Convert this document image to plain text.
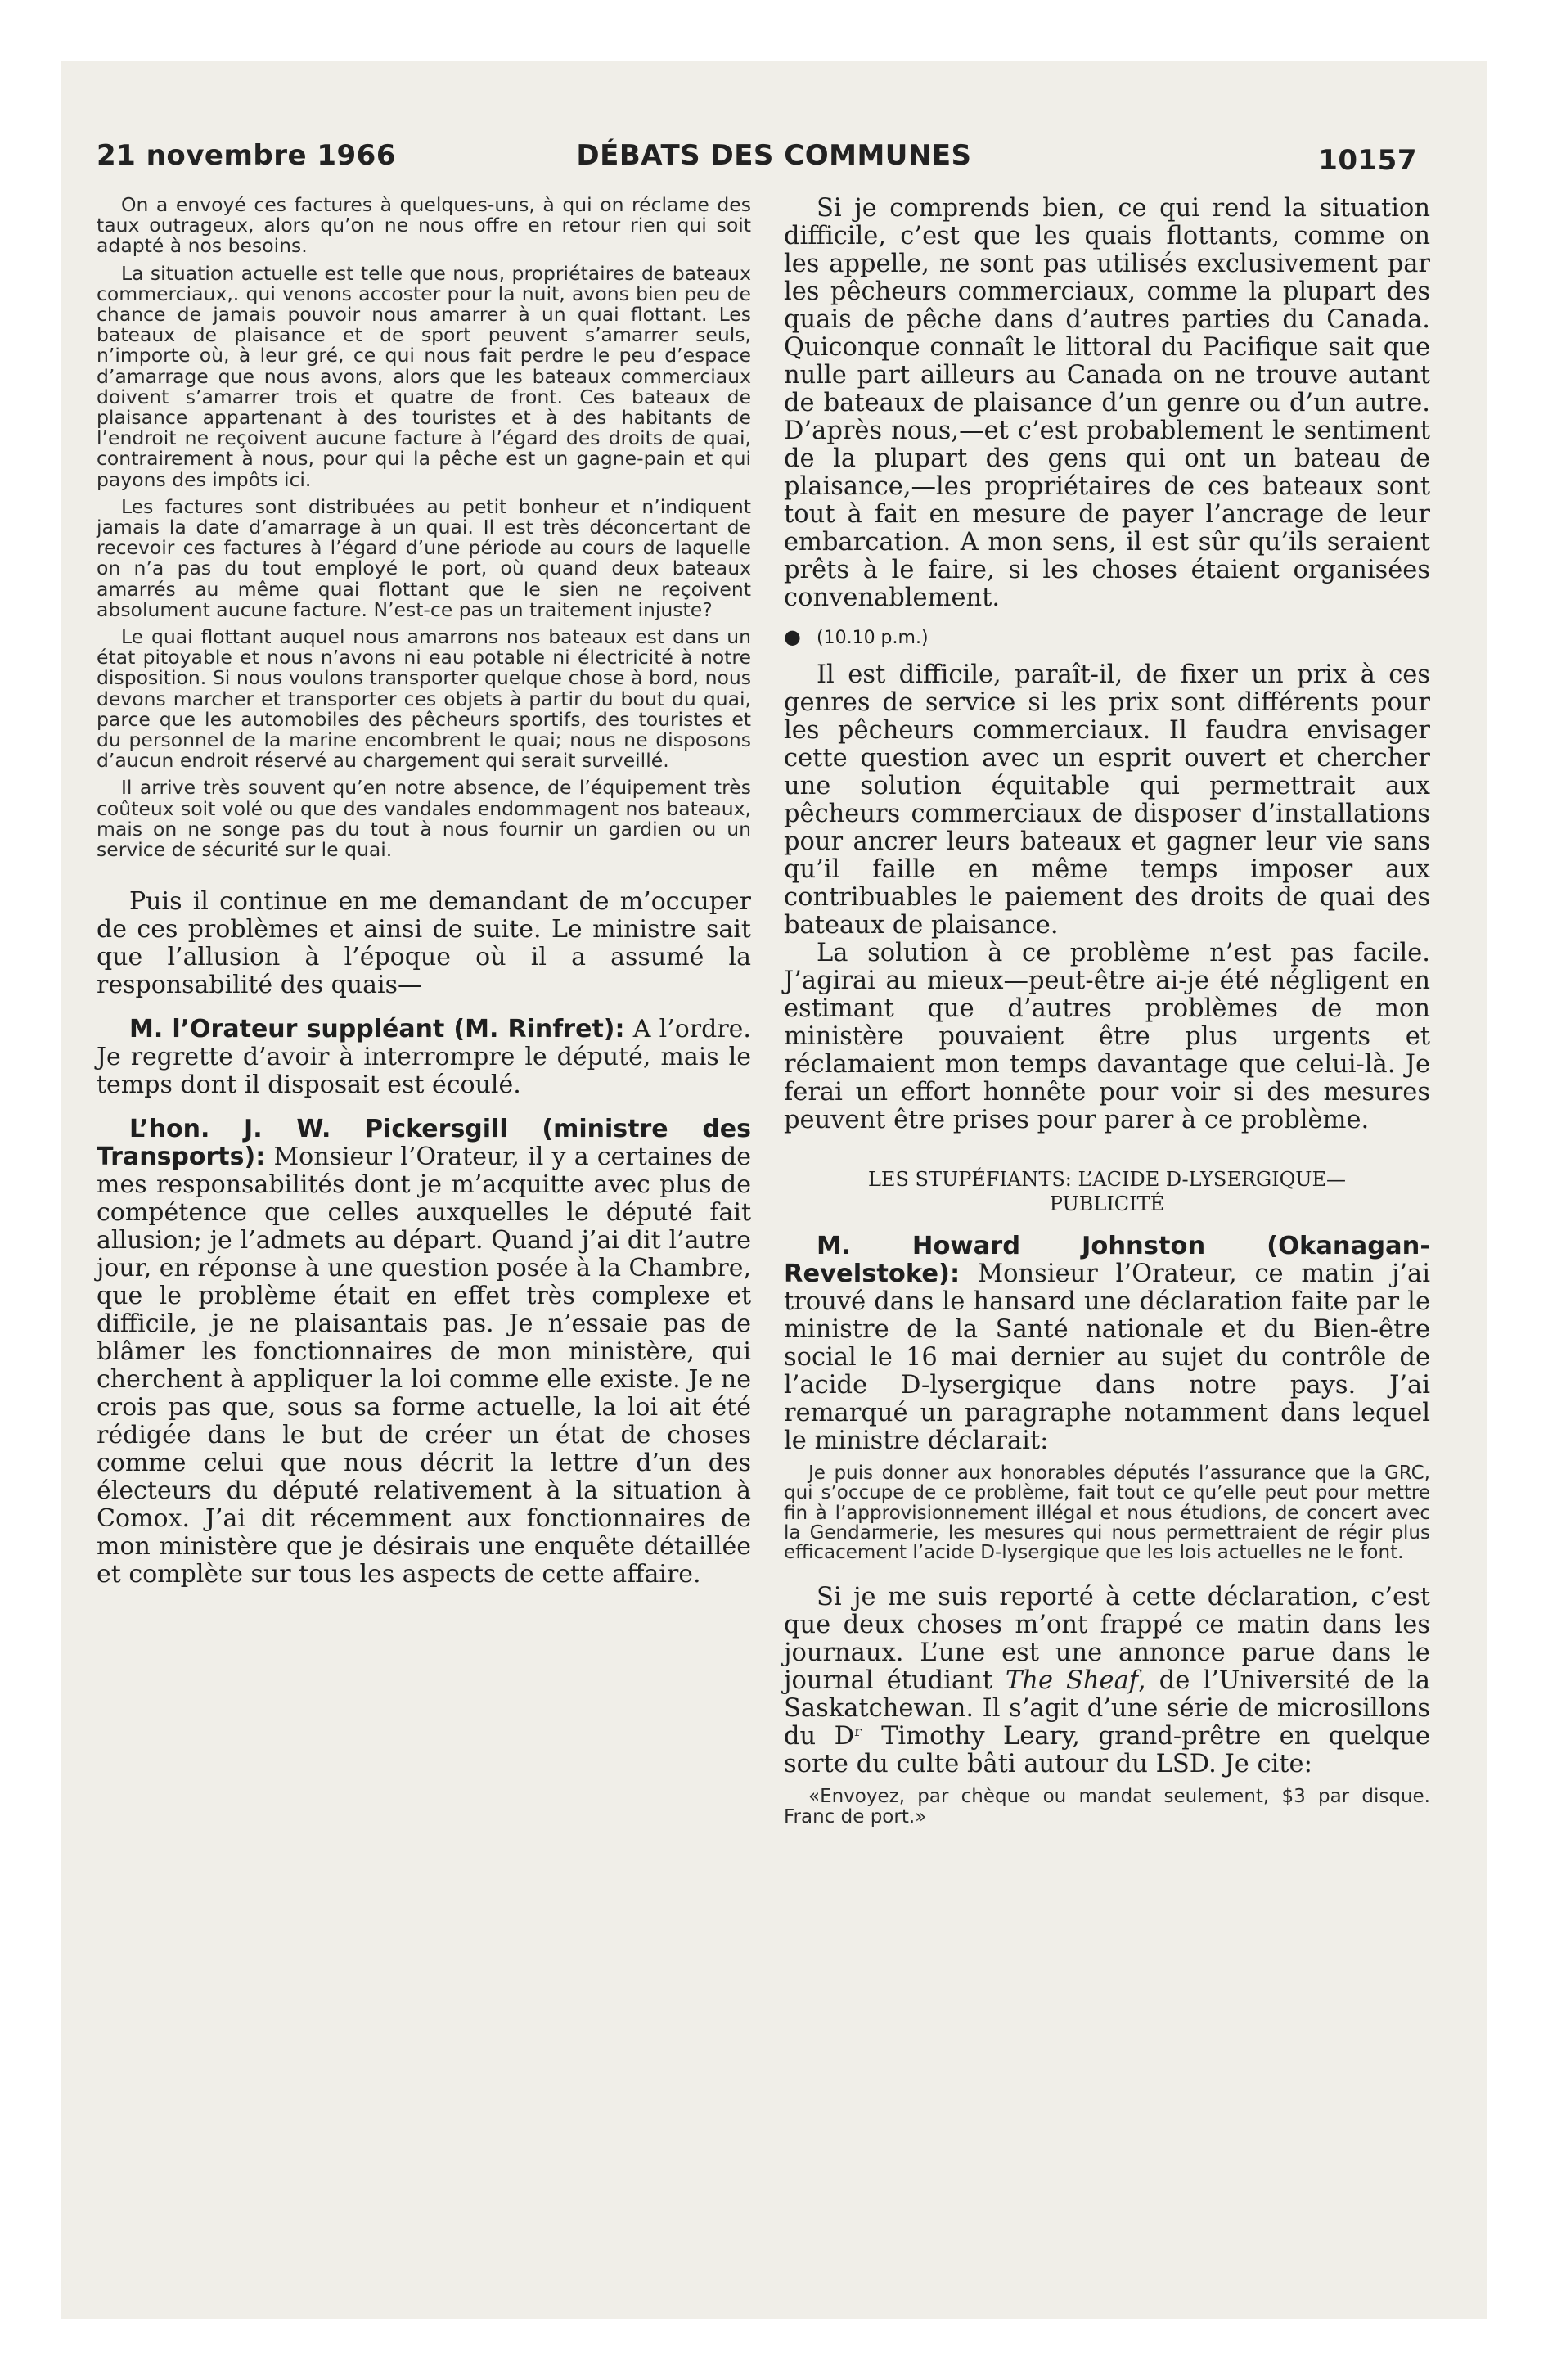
21 novembre 1966	DÉBATS DES COMMUNES	10157

On a envoyé ces factures à quelques-uns, à qui on réclame des taux outrageux, alors qu’on ne nous offre en retour rien qui soit adapté à nos besoins.

La situation actuelle est telle que nous, propriétaires de bateaux commerciaux,. qui venons accoster pour la nuit, avons bien peu de chance de jamais pouvoir nous amarrer à un quai flottant. Les bateaux de plaisance et de sport peuvent s’amarrer seuls, n’importe où, à leur gré, ce qui nous fait perdre le peu d’espace d’amarrage que nous avons, alors que les bateaux commerciaux doivent s’amarrer trois et quatre de front. Ces bateaux de plaisance appartenant à des touristes et à des habitants de l’endroit ne reçoivent aucune facture à l’égard des droits de quai, contrairement à nous, pour qui la pêche est un gagne-pain et qui payons des impôts ici.

Les factures sont distribuées au petit bonheur et n’indiquent jamais la date d’amarrage à un quai. Il est très déconcertant de recevoir ces factures à l’égard d’une période au cours de laquelle on n’a pas du tout employé le port, où quand deux bateaux amarrés au même quai flottant que le sien ne reçoivent absolument aucune facture. N’est-ce pas un traitement injuste?

Le quai flottant auquel nous amarrons nos bateaux est dans un état pitoyable et nous n’avons ni eau potable ni électricité à notre disposition. Si nous voulons transporter quelque chose à bord, nous devons marcher et transporter ces objets à partir du bout du quai, parce que les automobiles des pêcheurs sportifs, des touristes et du personnel de la marine encombrent le quai; nous ne disposons d’aucun endroit réservé au chargement qui serait surveillé.

Il arrive très souvent qu’en notre absence, de l’équipement très coûteux soit volé ou que des vandales endommagent nos bateaux, mais on ne songe pas du tout à nous fournir un gardien ou un service de sécurité sur le quai.

Puis il continue en me demandant de m’occuper de ces problèmes et ainsi de suite. Le ministre sait que l’allusion à l’époque où il a assumé la responsabilité des quais—

M. l’Orateur suppléant (M. Rinfret): A l’ordre. Je regrette d’avoir à interrompre le député, mais le temps dont il disposait est écoulé.

L’hon. J. W. Pickersgill (ministre des Transports): Monsieur l’Orateur, il y a certaines de mes responsabilités dont je m’acquitte avec plus de compétence que celles auxquelles le député fait allusion; je l’admets au départ. Quand j’ai dit l’autre jour, en réponse à une question posée à la Chambre, que le problème était en effet très complexe et difficile, je ne plaisantais pas. Je n’essaie pas de blâmer les fonctionnaires de mon ministère, qui cherchent à appliquer la loi comme elle existe. Je ne crois pas que, sous sa forme actuelle, la loi ait été rédigée dans le but de créer un état de choses comme celui que nous décrit la lettre d’un des électeurs du député relativement à la situation à Comox. J’ai dit récemment aux fonctionnaires de mon ministère que je désirais une enquête détaillée et complète sur tous les aspects de cette affaire.

Si je comprends bien, ce qui rend la situation difficile, c’est que les quais flottants, comme on les appelle, ne sont pas utilisés exclusivement par les pêcheurs commerciaux, comme la plupart des quais de pêche dans d’autres parties du Canada. Quiconque connaît le littoral du Pacifique sait que nulle part ailleurs au Canada on ne trouve autant de bateaux de plaisance d’un genre ou d’un autre. D’après nous,—et c’est probablement le sentiment de la plupart des gens qui ont un bateau de plaisance,—les propriétaires de ces bateaux sont tout à fait en mesure de payer l’ancrage de leur embarcation. A mon sens, il est sûr qu’ils seraient prêts à le faire, si les choses étaient organisées convenablement.

● (10.10 p.m.)

Il est difficile, paraît-il, de fixer un prix à ces genres de service si les prix sont différents pour les pêcheurs commerciaux. Il faudra envisager cette question avec un esprit ouvert et chercher une solution équitable qui permettrait aux pêcheurs commerciaux de disposer d’installations pour ancrer leurs bateaux et gagner leur vie sans qu’il faille en même temps imposer aux contribuables le paiement des droits de quai des bateaux de plaisance.

La solution à ce problème n’est pas facile. J’agirai au mieux—peut-être ai-je été négligent en estimant que d’autres problèmes de mon ministère pouvaient être plus urgents et réclamaient mon temps davantage que celui-là. Je ferai un effort honnête pour voir si des mesures peuvent être prises pour parer à ce problème.

LES STUPÉFIANTS: L’ACIDE D-LYSERGIQUE—
PUBLICITÉ

M. Howard Johnston (Okanagan-Revelstoke): Monsieur l’Orateur, ce matin j’ai trouvé dans le hansard une déclaration faite par le ministre de la Santé nationale et du Bien-être social le 16 mai dernier au sujet du contrôle de l’acide D-lysergique dans notre pays. J’ai remarqué un paragraphe notamment dans lequel le ministre déclarait:

Je puis donner aux honorables députés l’assurance que la GRC, qui s’occupe de ce problème, fait tout ce qu’elle peut pour mettre fin à l’approvisionnement illégal et nous étudions, de concert avec la Gendarmerie, les mesures qui nous permettraient de régir plus efficacement l’acide D-lysergique que les lois actuelles ne le font.

Si je me suis reporté à cette déclaration, c’est que deux choses m’ont frappé ce matin dans les journaux. L’une est une annonce parue dans le journal étudiant The Sheaf, de l’Université de la Saskatchewan. Il s’agit d’une série de microsillons du Dʳ Timothy Leary, grand-prêtre en quelque sorte du culte bâti autour du LSD. Je cite:

«Envoyez, par chèque ou mandat seulement, $3 par disque. Franc de port.»
